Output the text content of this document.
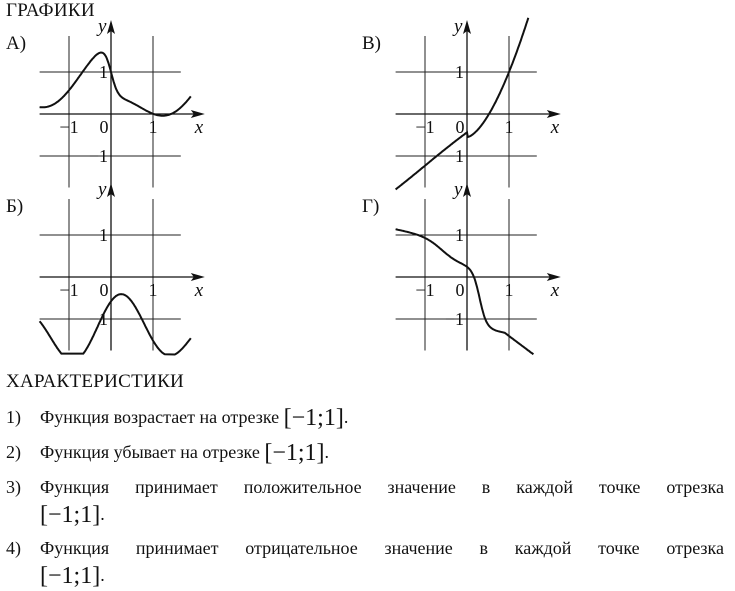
ГРАФИКИ
А)
y
x
−1 0 1
1
−1
В)
y
x
−1 0 1
1
−1
Б)
y
x
−1 0 1
1
−1
Г)
y
x
−1 0 1
1
−1
ХАРАКТЕРИСТИКИ
1) Функция возрастает на отрезке [−1;1].
2) Функция убывает на отрезке [−1;1].
3) Функция принимает положительное значение в каждой точке отрезка
[−1;1].
4) Функция принимает отрицательное значение в каждой точке отрезка
[−1;1].
